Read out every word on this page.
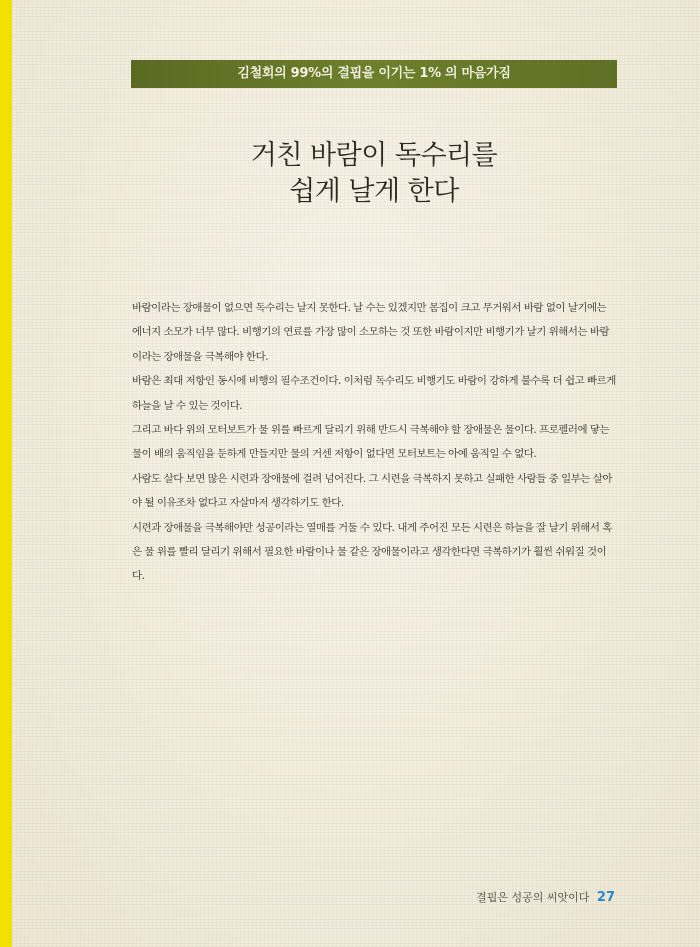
김철회의 99%의 결핍을 이기는 1% 의 마음가짐
거친 바람이 독수리를
쉽게 날게 한다

바람이라는 장애물이 없으면 독수리는 날지 못한다. 날 수는 있겠지만 몸집이 크고 무거워서 바람 없이 날기에는 에너지 소모가 너무 많다. 비행기의 연료를 가장 많이 소모하는 것 또한 바람이지만 비행기가 날기 위해서는 바람이라는 장애물을 극복해야 한다.

바람은 최대 저항인 동시에 비행의 필수조건이다. 이처럼 독수리도 비행기도 바람이 강하게 불수록 더 쉽고 빠르게 하늘을 날 수 있는 것이다.

그리고 바다 위의 모터보트가 물 위를 빠르게 달리기 위해 반드시 극복해야 할 장애물은 물이다. 프로펠러에 닿는 물이 배의 움직임을 둔하게 만들지만 물의 거센 저항이 없다면 모터보트는 아예 움직일 수 없다.

사람도 살다 보면 많은 시련과 장애물에 걸려 넘어진다. 그 시련을 극복하지 못하고 실패한 사람들 중 일부는 살아야 될 이유조차 없다고 자살마저 생각하기도 한다.

시련과 장애물을 극복해야만 성공이라는 열매를 거둘 수 있다. 내게 주어진 모든 시련은 하늘을 잘 날기 위해서 혹은 물 위를 빨리 달리기 위해서 필요한 바람이나 물 같은 장애물이라고 생각한다면 극복하기가 훨씬 쉬워질 것이다.

결핍은 성공의 씨앗이다 27
